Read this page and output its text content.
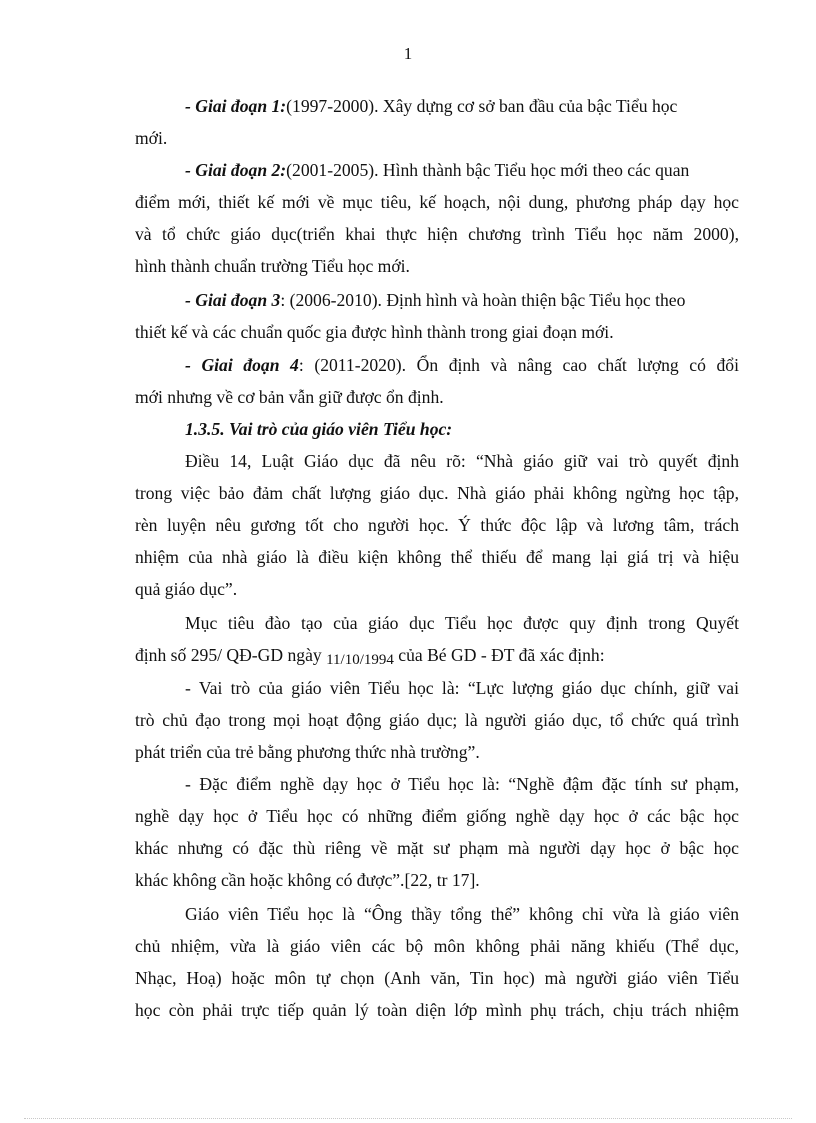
1
- Giai đoạn 1:(1997-2000). Xây dựng cơ sở ban đầu của bậc Tiểu học
mới.
- Giai đoạn 2:(2001-2005). Hình thành bậc Tiểu học mới theo các quan
điểm mới, thiết kế mới về mục tiêu, kế hoạch, nội dung, phương pháp dạy học
và tổ chức giáo dục(triển khai thực hiện chương trình Tiểu học năm 2000),
hình thành chuẩn trường Tiểu học mới.
- Giai đoạn 3: (2006-2010). Định hình và hoàn thiện bậc Tiểu học theo
thiết kế và các chuẩn quốc gia được hình thành trong giai đoạn mới.
- Giai đoạn 4: (2011-2020). Ổn định và nâng cao chất lượng có đổi
mới nhưng về cơ bản vẫn giữ được ổn định.
1.3.5. Vai trò của giáo viên Tiểu học:
Điều 14, Luật Giáo dục đã nêu rõ: “Nhà giáo giữ vai trò quyết định
trong việc bảo đảm chất lượng giáo dục. Nhà giáo phải không ngừng học tập,
rèn luyện nêu gương tốt cho người học. Ý thức độc lập và lương tâm, trách
nhiệm của nhà giáo là điều kiện không thể thiếu để mang lại giá trị và hiệu
quả giáo dục”.
Mục tiêu đào tạo của giáo dục Tiểu học được quy định trong Quyết
định số 295/ QĐ-GD ngày 11/10/1994 của Bé GD - ĐT đã xác định:
- Vai trò của giáo viên Tiểu học là: “Lực lượng giáo dục chính, giữ vai
trò chủ đạo trong mọi hoạt động giáo dục; là người giáo dục, tổ chức quá trình
phát triển của trẻ bằng phương thức nhà trường”.
- Đặc điểm nghề dạy học ở Tiểu học là: “Nghề đậm đặc tính sư phạm,
nghề dạy học ở Tiểu học có những điểm giống nghề dạy học ở các bậc học
khác nhưng có đặc thù riêng về mặt sư phạm mà người dạy học ở bậc học
khác không cần hoặc không có được”.[22, tr 17].
Giáo viên Tiểu học là “Ông thầy tổng thể” không chỉ vừa là giáo viên
chủ nhiệm, vừa là giáo viên các bộ môn không phải năng khiếu (Thể dục,
Nhạc, Hoạ) hoặc môn tự chọn (Anh văn, Tin học) mà người giáo viên Tiểu
học còn phải trực tiếp quản lý toàn diện lớp mình phụ trách, chịu trách nhiệm
